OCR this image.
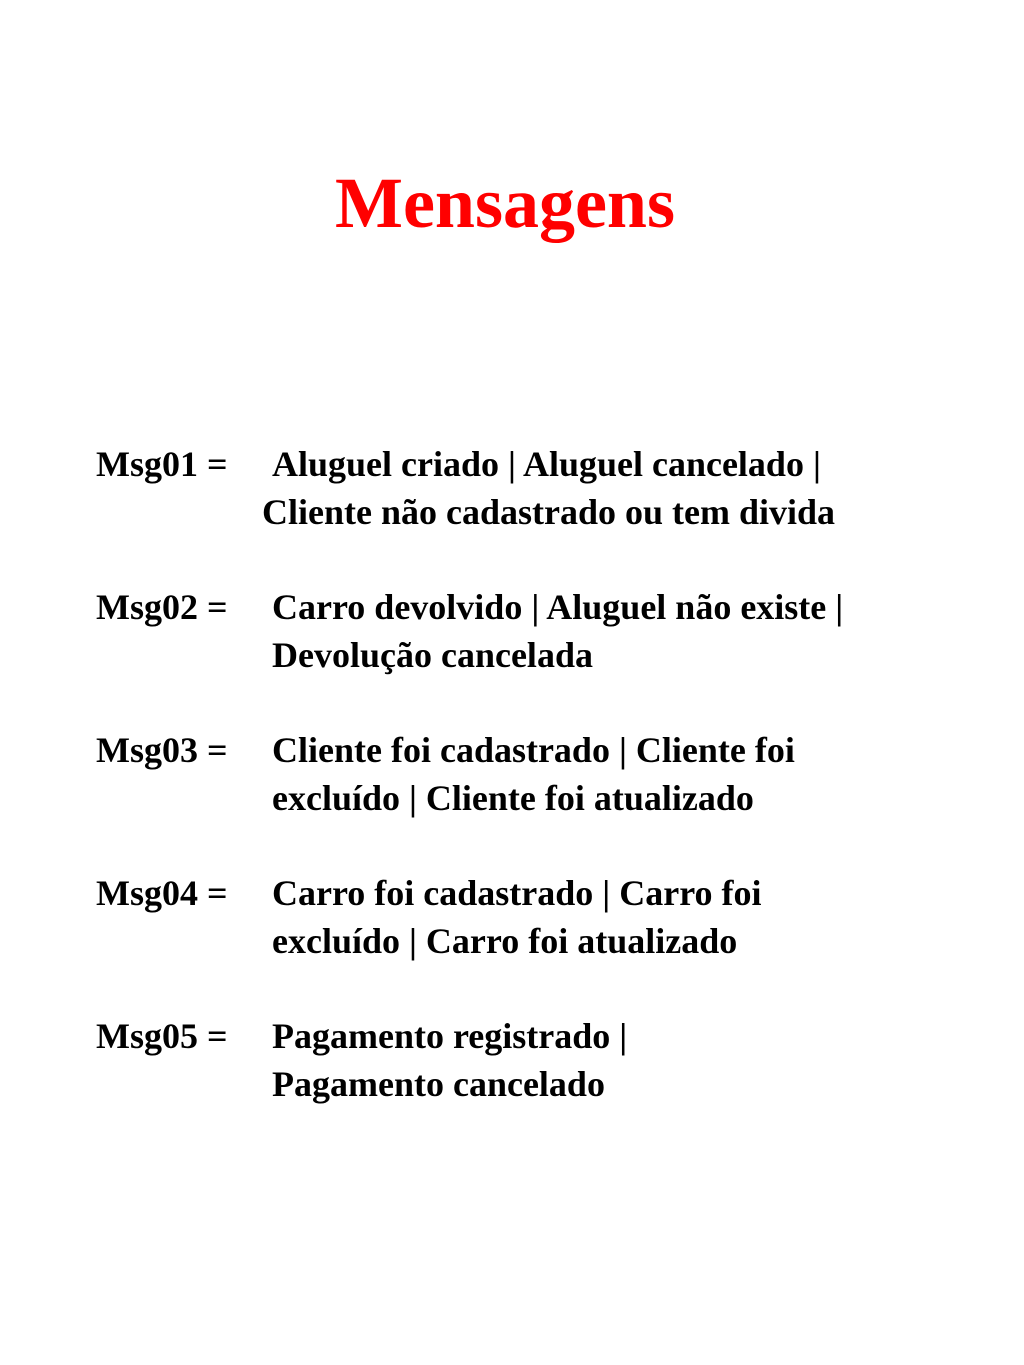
Mensagens
Msg01 = Aluguel criado | Aluguel cancelado |
Cliente não cadastrado ou tem divida
Msg02 = Carro devolvido | Aluguel não existe |
Devolução cancelada
Msg03 = Cliente foi cadastrado | Cliente foi
excluído | Cliente foi atualizado
Msg04 = Carro foi cadastrado | Carro foi
excluído | Carro foi atualizado
Msg05 = Pagamento registrado |
Pagamento cancelado
